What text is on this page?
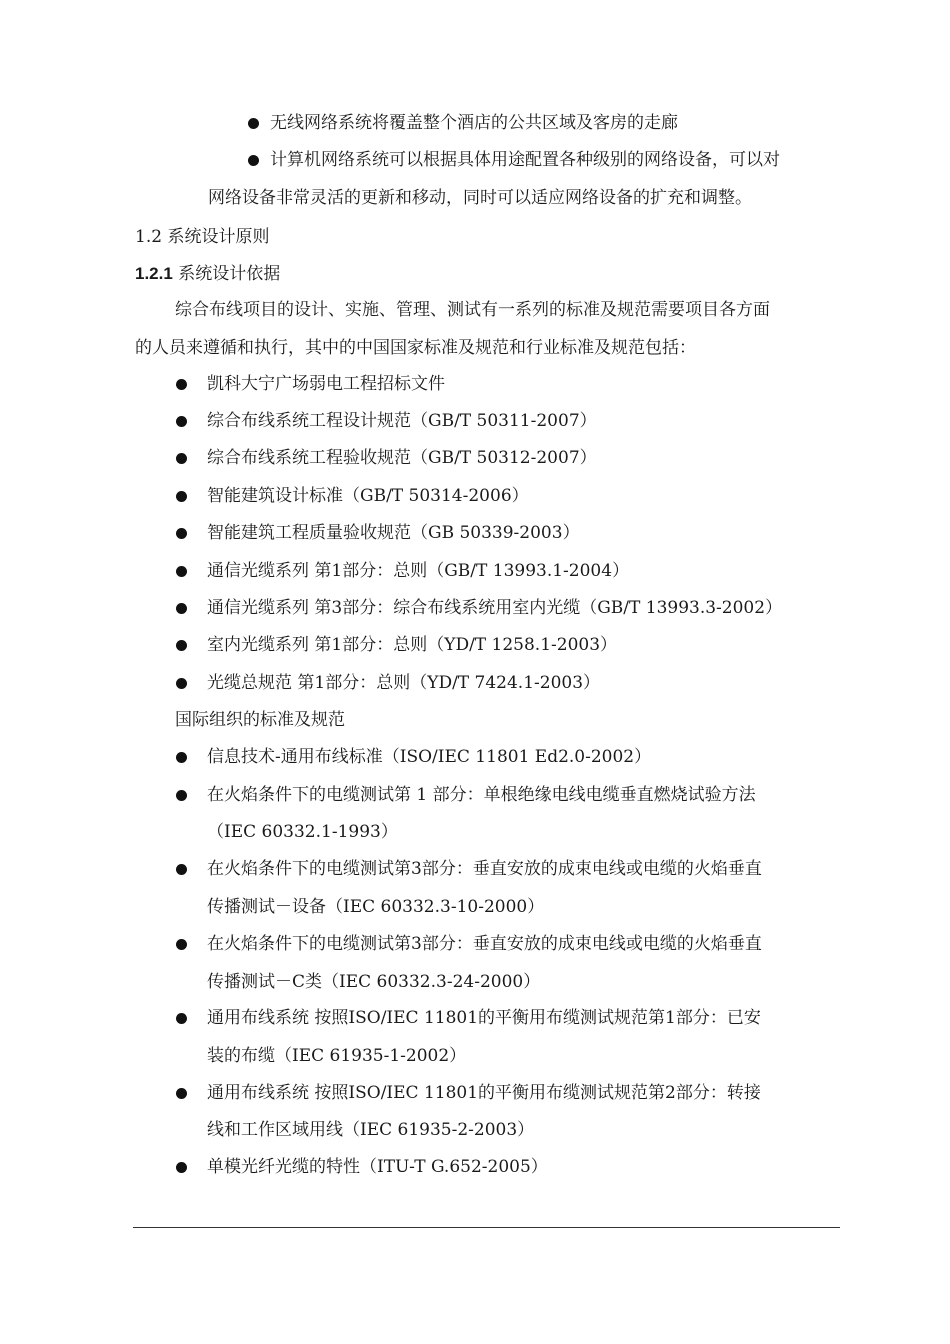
无线网络系统将覆盖整个酒店的公共区域及客房的走廊
计算机网络系统可以根据具体用途配置各种级别的网络设备，可以对
网络设备非常灵活的更新和移动，同时可以适应网络设备的扩充和调整。
1.2 系统设计原则
1.2.1 系统设计依据
综合布线项目的设计、实施、管理、测试有一系列的标准及规范需要项目各方面
的人员来遵循和执行，其中的中国国家标准及规范和行业标准及规范包括：
凯科大宁广场弱电工程招标文件
综合布线系统工程设计规范（GB/T 50311-2007）
综合布线系统工程验收规范（GB/T 50312-2007）
智能建筑设计标准（GB/T 50314-2006）
智能建筑工程质量验收规范（GB 50339-2003）
通信光缆系列 第1部分：总则（GB/T 13993.1-2004）
通信光缆系列 第3部分：综合布线系统用室内光缆（GB/T 13993.3-2002）
室内光缆系列 第1部分：总则（YD/T 1258.1-2003）
光缆总规范 第1部分：总则（YD/T 7424.1-2003）
国际组织的标准及规范
信息技术-通用布线标准（ISO/IEC 11801 Ed2.0-2002）
在火焰条件下的电缆测试第 1 部分：单根绝缘电线电缆垂直燃烧试验方法
（IEC 60332.1-1993）
在火焰条件下的电缆测试第3部分：垂直安放的成束电线或电缆的火焰垂直
传播测试－设备（IEC 60332.3-10-2000）
在火焰条件下的电缆测试第3部分：垂直安放的成束电线或电缆的火焰垂直
传播测试－C类（IEC 60332.3-24-2000）
通用布线系统 按照ISO/IEC 11801的平衡用布缆测试规范第1部分：已安
装的布缆（IEC 61935-1-2002）
通用布线系统 按照ISO/IEC 11801的平衡用布缆测试规范第2部分：转接
线和工作区域用线（IEC 61935-2-2003）
单模光纤光缆的特性（ITU-T G.652-2005）
